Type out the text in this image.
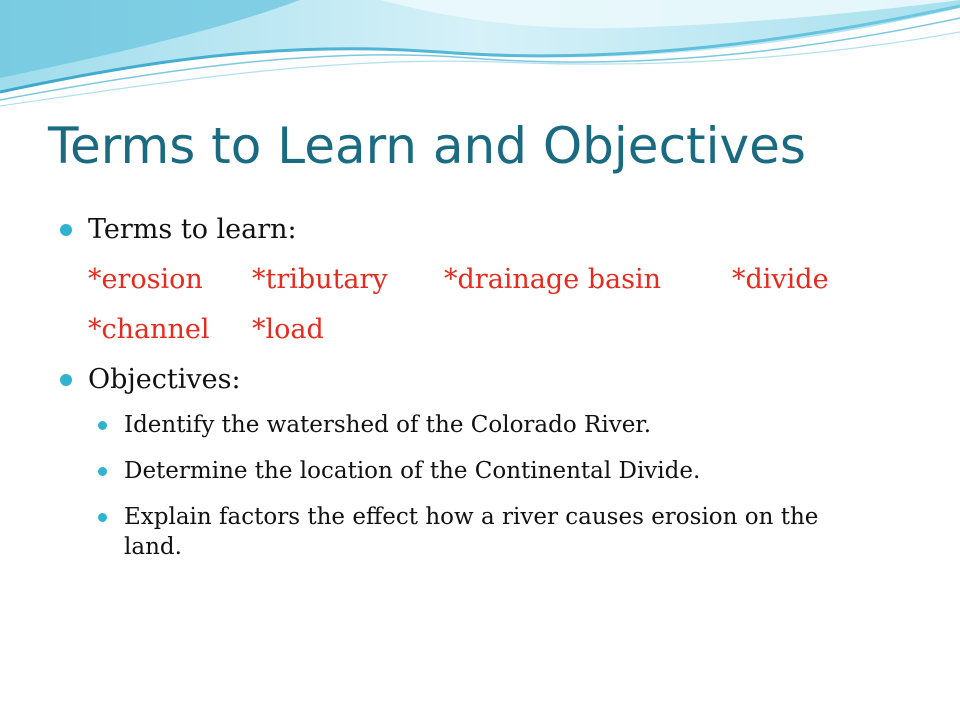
Terms to Learn and Objectives
Terms to learn:
*erosion *tributary *drainage basin	*divide
*channel *load
Objectives:
Identify the watershed of the Colorado River.
Determine the location of the Continental Divide.
Explain factors the effect how a river causes erosion on the land.
